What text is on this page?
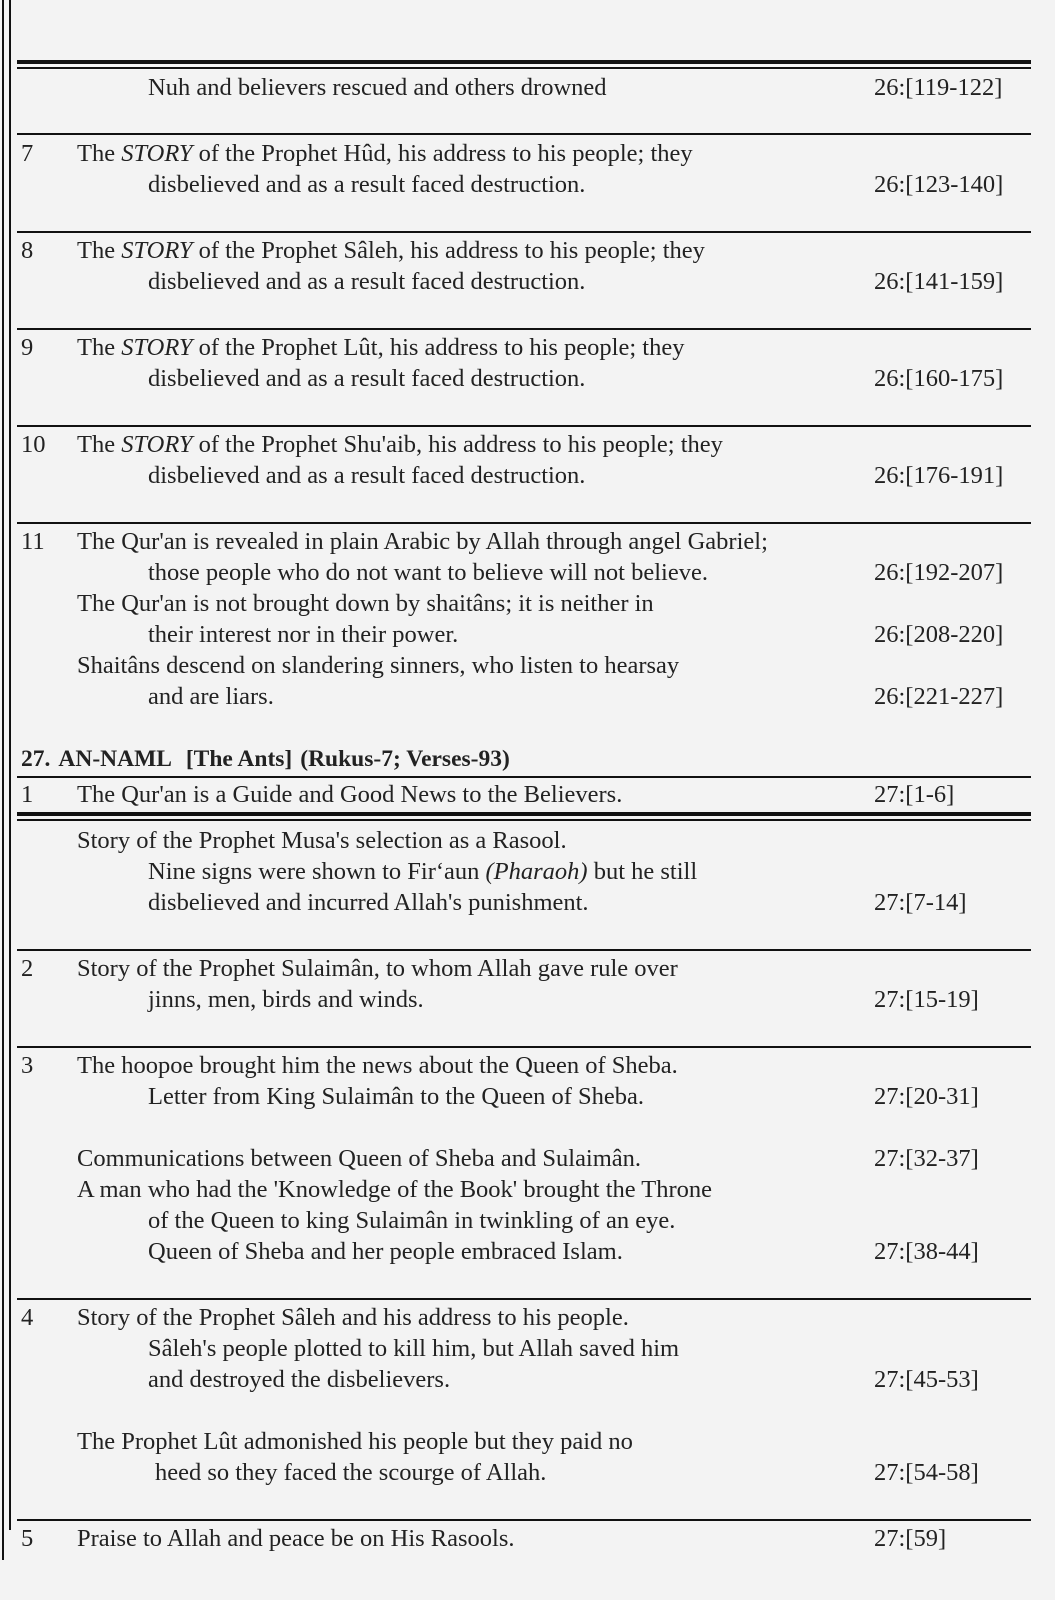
Nuh and believers rescued and others drowned	26:[119-122]
7 The STORY of the Prophet Hûd, his address to his people; they
disbelieved and as a result faced destruction.	26:[123-140]
8 The STORY of the Prophet Sâleh, his address to his people; they
disbelieved and as a result faced destruction.	26:[141-159]
9 The STORY of the Prophet Lût, his address to his people; they
disbelieved and as a result faced destruction.	26:[160-175]
10 The STORY of the Prophet Shu'aib, his address to his people; they
disbelieved and as a result faced destruction.	26:[176-191]
11 The Qur'an is revealed in plain Arabic by Allah through angel Gabriel;
those people who do not want to believe will not believe.	26:[192-207]
The Qur'an is not brought down by shaitâns; it is neither in
their interest nor in their power.	26:[208-220]
Shaitâns descend on slandering sinners, who listen to hearsay
and are liars.	26:[221-227]
27. AN-NAML [The Ants] (Rukus-7; Verses-93)
1 The Qur'an is a Guide and Good News to the Believers.	27:[1-6]
Story of the Prophet Musa's selection as a Rasool.
Nine signs were shown to Fir‘aun (Pharaoh) but he still
disbelieved and incurred Allah's punishment.	27:[7-14]
2 Story of the Prophet Sulaimân, to whom Allah gave rule over
jinns, men, birds and winds.	27:[15-19]
3 The hoopoe brought him the news about the Queen of Sheba.
Letter from King Sulaimân to the Queen of Sheba.	27:[20-31]
Communications between Queen of Sheba and Sulaimân.	27:[32-37]
A man who had the 'Knowledge of the Book' brought the Throne
of the Queen to king Sulaimân in twinkling of an eye.
Queen of Sheba and her people embraced Islam.	27:[38-44]
4 Story of the Prophet Sâleh and his address to his people.
Sâleh's people plotted to kill him, but Allah saved him
and destroyed the disbelievers.	27:[45-53]
The Prophet Lût admonished his people but they paid no
heed so they faced the scourge of Allah.	27:[54-58]
5 Praise to Allah and peace be on His Rasools.	27:[59]
